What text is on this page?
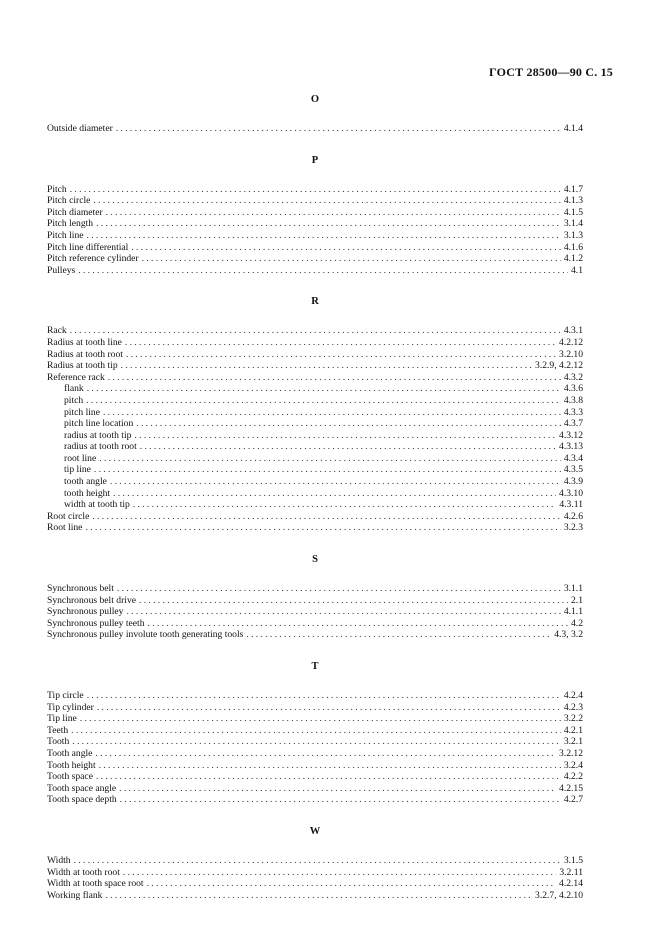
ГОСТ 28500—90 С. 15
O
Outside diameter .....	4.1.4
P
Pitch .....	4.1.7
Pitch circle .....	4.1.3
Pitch diameter .....	4.1.5
Pitch length .....	3.1.4
Pitch line .....	3.1.3
Pitch line differential .....	4.1.6
Pitch reference cylinder .....	4.1.2
Pulleys .....	4.1
R
Rack .....	4.3.1
Radius at tooth line .....	4.2.12
Radius at tooth root .....	3.2.10
Radius at tooth tip .....	3.2.9, 4.2.12
Reference rack .....	4.3.2
flank .....	4.3.6
pitch .....	4.3.8
pitch line .....	4.3.3
pitch line location .....	4.3.7
radius at tooth tip .....	4.3.12
radius at tooth root .....	4.3.13
root line .....	4.3.4
tip line .....	4.3.5
tooth angle .....	4.3.9
tooth height .....	4.3.10
width at tooth tip .....	4.3.11
Root circle .....	4.2.6
Root line .....	3.2.3
S
Synchronous belt .....	3.1.1
Synchronous belt drive .....	2.1
Synchronous pulley .....	4.1.1
Synchronous pulley teeth .....	4.2
Synchronous pulley involute tooth generating tools .....	4.3, 3.2
T
Tip circle .....	4.2.4
Tip cylinder .....	4.2.3
Tip line .....	3.2.2
Teeth .....	4.2.1
Tooth .....	3.2.1
Tooth angle .....	3.2.12
Tooth height .....	3.2.4
Tooth space .....	4.2.2
Tooth space angle .....	4.2.15
Tooth space depth .....	4.2.7
W
Width .....	3.1.5
Width at tooth root .....	3.2.11
Width at tooth space root .....	4.2.14
Working flank .....	3.2.7, 4.2.10
